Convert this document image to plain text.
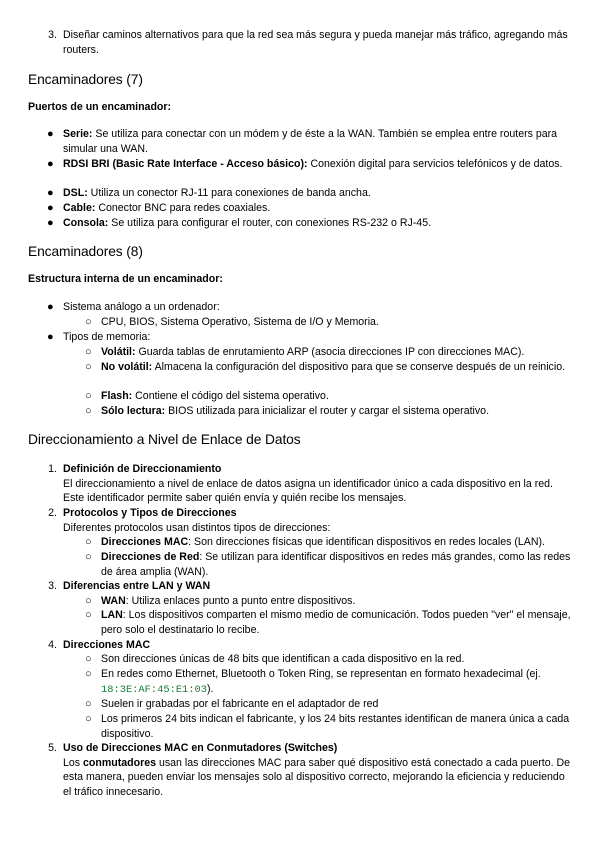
3. Diseñar caminos alternativos para que la red sea más segura y pueda manejar más tráfico, agregando más routers.
Encaminadores (7)
Puertos de un encaminador:
● Serie: Se utiliza para conectar con un módem y de éste a la WAN. También se emplea entre routers para simular una WAN.
● RDSI BRI (Basic Rate Interface - Acceso básico): Conexión digital para servicios telefónicos y de datos.
● DSL: Utiliza un conector RJ-11 para conexiones de banda ancha.
● Cable: Conector BNC para redes coaxiales.
● Consola: Se utiliza para configurar el router, con conexiones RS-232 o RJ-45.
Encaminadores (8)
Estructura interna de un encaminador:
● Sistema análogo a un ordenador:
○ CPU, BIOS, Sistema Operativo, Sistema de I/O y Memoria.
● Tipos de memoria:
○ Volátil: Guarda tablas de enrutamiento ARP (asocia direcciones IP con direcciones MAC).
○ No volátil: Almacena la configuración del dispositivo para que se conserve después de un reinicio.
○ Flash: Contiene el código del sistema operativo.
○ Sólo lectura: BIOS utilizada para inicializar el router y cargar el sistema operativo.
Direccionamiento a Nivel de Enlace de Datos
1. Definición de Direccionamiento
El direccionamiento a nivel de enlace de datos asigna un identificador único a cada dispositivo en la red. Este identificador permite saber quién envía y quién recibe los mensajes.
2. Protocolos y Tipos de Direcciones
Diferentes protocolos usan distintos tipos de direcciones:
○ Direcciones MAC: Son direcciones físicas que identifican dispositivos en redes locales (LAN).
○ Direcciones de Red: Se utilizan para identificar dispositivos en redes más grandes, como las redes de área amplia (WAN).
3. Diferencias entre LAN y WAN
○ WAN: Utiliza enlaces punto a punto entre dispositivos.
○ LAN: Los dispositivos comparten el mismo medio de comunicación. Todos pueden "ver" el mensaje, pero solo el destinatario lo recibe.
4. Direcciones MAC
○ Son direcciones únicas de 48 bits que identifican a cada dispositivo en la red.
○ En redes como Ethernet, Bluetooth o Token Ring, se representan en formato hexadecimal (ej.
18:3E:AF:45:E1:03).
○ Suelen ir grabadas por el fabricante en el adaptador de red
○ Los primeros 24 bits indican el fabricante, y los 24 bits restantes identifican de manera única a cada dispositivo.
5. Uso de Direcciones MAC en Conmutadores (Switches)
Los conmutadores usan las direcciones MAC para saber qué dispositivo está conectado a cada puerto. De esta manera, pueden enviar los mensajes solo al dispositivo correcto, mejorando la eficiencia y reduciendo el tráfico innecesario.
